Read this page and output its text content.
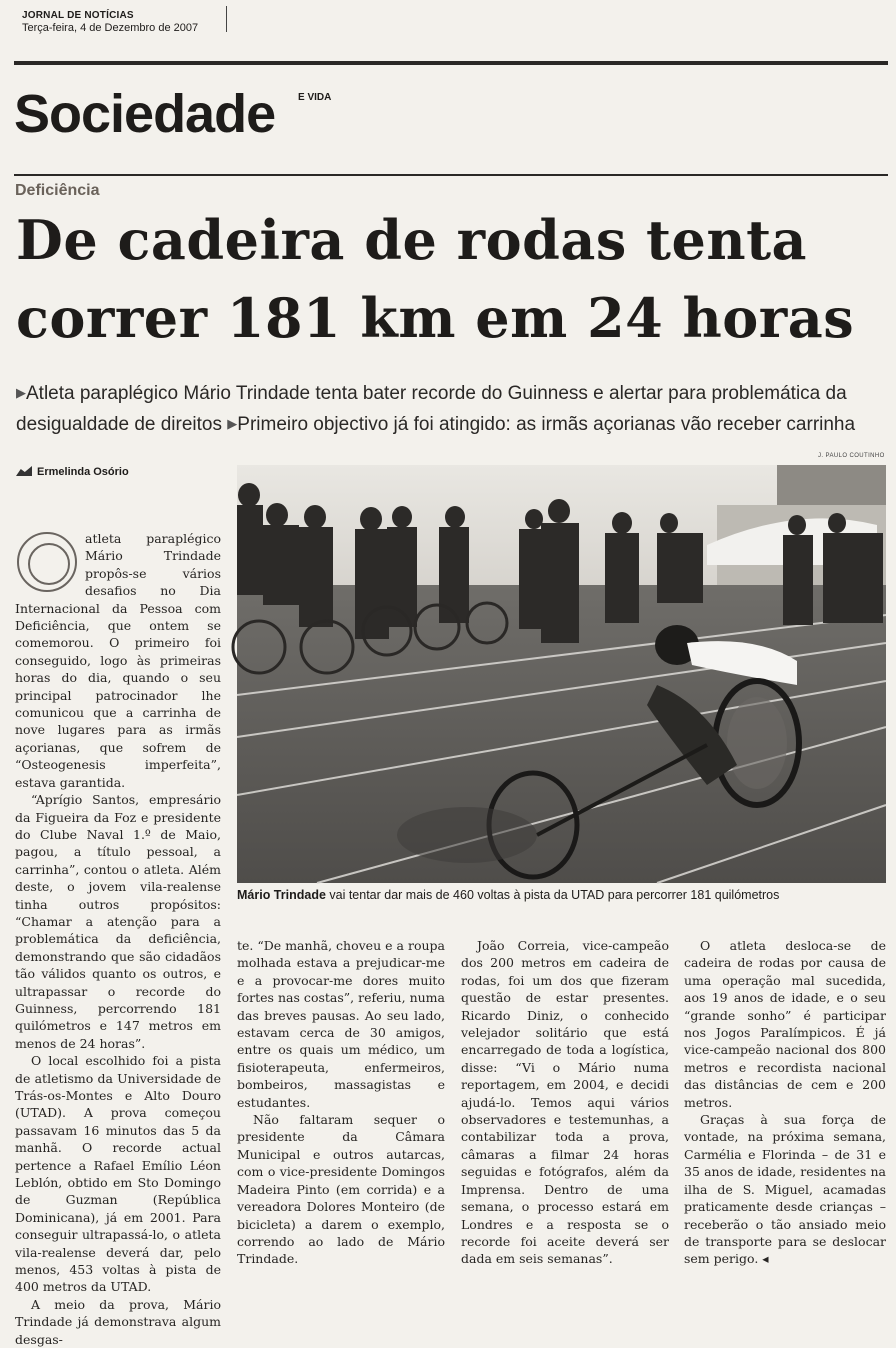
JORNAL DE NOTÍCIAS
Terça-feira, 4 de Dezembro de 2007
Sociedade E VIDA
Deficiência
De cadeira de rodas tenta
correr 181 km em 24 horas
▶Atleta paraplégico Mário Trindade tenta bater recorde do Guinness e alertar para problemática da
desigualdade de direitos ▶Primeiro objectivo já foi atingido: as irmãs açorianas vão receber carrinha
Ermelinda Osório
J. PAULO COUTINHO
Mário Trindade vai tentar dar mais de 460 voltas à pista da UTAD para percorrer 181 quilómetros

atleta paraplégico Mário Trindade propôs-se vários desafios no Dia Internacional da Pessoa com Deficiência, que ontem se comemorou. O primeiro foi conseguido, logo às primeiras horas do dia, quando o seu principal patrocinador lhe comunicou que a carrinha de nove lugares para as irmãs açorianas, que sofrem de “Osteogenesis imperfeita”, estava garantida.

“Aprígio Santos, empresário da Figueira da Foz e presidente do Clube Naval 1.º de Maio, pagou, a título pessoal, a carrinha”, contou o atleta. Além deste, o jovem vila-realense tinha outros propósitos: “Chamar a atenção para a problemática da deficiência, demonstrando que são cidadãos tão válidos quanto os outros, e ultrapassar o recorde do Guinness, percorrendo 181 quilómetros e 147 metros em menos de 24 horas”.

O local escolhido foi a pista de atletismo da Universidade de Trás-os-Montes e Alto Douro (UTAD). A prova começou passavam 16 minutos das 5 da manhã. O recorde actual pertence a Rafael Emílio Léon Leblón, obtido em Sto Domingo de Guzman (República Dominicana), já em 2001. Para conseguir ultrapassá-lo, o atleta vila-realense deverá dar, pelo menos, 453 voltas à pista de 400 metros da UTAD.

A meio da prova, Mário Trindade já demonstrava algum desgas-

te. “De manhã, choveu e a roupa molhada estava a prejudicar-me e a provocar-me dores muito fortes nas costas”, referiu, numa das breves pausas. Ao seu lado, estavam cerca de 30 amigos, entre os quais um médico, um fisioterapeuta, enfermeiros, bombeiros, massagistas e estudantes.

Não faltaram sequer o presidente da Câmara Municipal e outros autarcas, com o vice-presidente Domingos Madeira Pinto (em corrida) e a vereadora Dolores Monteiro (de bicicleta) a darem o exemplo, correndo ao lado de Mário Trindade.

João Correia, vice-campeão dos 200 metros em cadeira de rodas, foi um dos que fizeram questão de estar presentes. Ricardo Diniz, o conhecido velejador solitário que está encarregado de toda a logística, disse: “Vi o Mário numa reportagem, em 2004, e decidi ajudá-lo. Temos aqui vários observadores e testemunhas, a contabilizar toda a prova, câmaras a filmar 24 horas seguidas e fotógrafos, além da Imprensa. Dentro de uma semana, o processo estará em Londres e a resposta se o recorde foi aceite deverá ser dada em seis semanas”.

O atleta desloca-se de cadeira de rodas por causa de uma operação mal sucedida, aos 19 anos de idade, e o seu “grande sonho” é participar nos Jogos Paralímpicos. É já vice-campeão nacional dos 800 metros e recordista nacional das distâncias de cem e 200 metros.

Graças à sua força de vontade, na próxima semana, Carmélia e Florinda – de 31 e 35 anos de idade, residentes na ilha de S. Miguel, acamadas praticamente desde crianças – receberão o tão ansiado meio de transporte para se deslocar sem perigo. ◂
